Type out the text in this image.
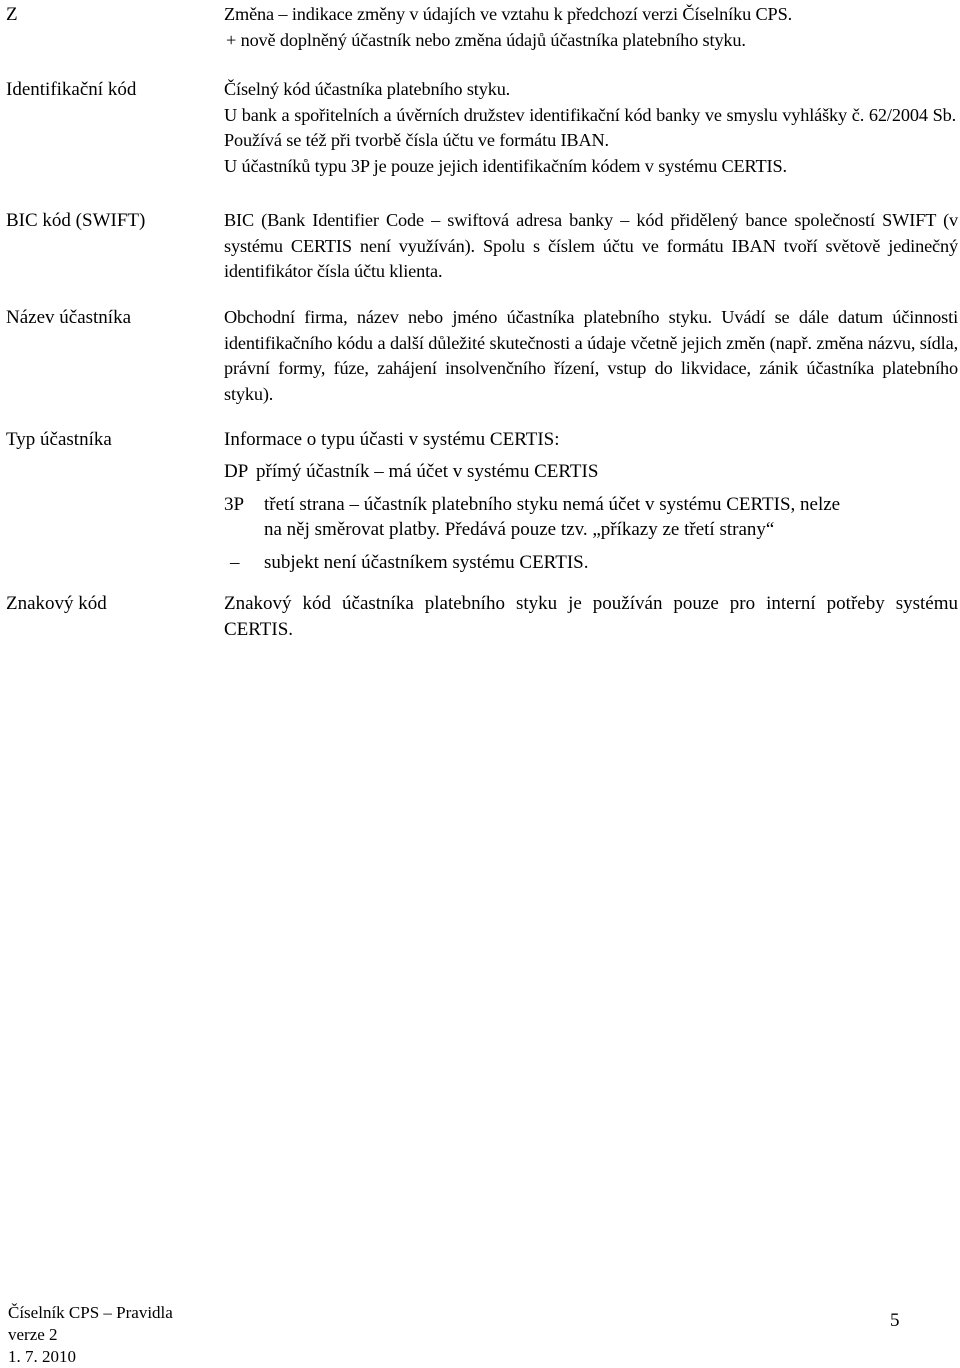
Z	Změna – indikace změny v údajích ve vztahu k předchozí verzi Číselníku CPS.
+ nově doplněný účastník nebo změna údajů účastníka platebního styku.
Identifikační kód	Číselný kód účastníka platebního styku.
U bank a spořitelních a úvěrních družstev identifikační kód banky ve smyslu vyhlášky č. 62/2004 Sb. Používá se též při tvorbě čísla účtu ve formátu IBAN.
U účastníků typu 3P je pouze jejich identifikačním kódem v systému CERTIS.
BIC kód (SWIFT)	BIC (Bank Identifier Code – swiftová adresa banky – kód přidělený bance společností SWIFT (v systému CERTIS není využíván). Spolu s číslem účtu ve formátu IBAN tvoří světově jedinečný identifikátor čísla účtu klienta.
Název účastníka	Obchodní firma, název nebo jméno účastníka platebního styku. Uvádí se dále datum účinnosti identifikačního kódu a další důležité skutečnosti a údaje včetně jejich změn (např. změna názvu, sídla, právní formy, fúze, zahájení insolvenčního řízení, vstup do likvidace, zánik účastníka platebního styku).
Typ účastníka	Informace o typu účasti v systému CERTIS:
DP přímý účastník – má účet v systému CERTIS
3P třetí strana – účastník platebního styku nemá účet v systému CERTIS, nelze
na něj směrovat platby. Předává pouze tzv. „příkazy ze třetí strany“
– subjekt není účastníkem systému CERTIS.
Znakový kód	Znakový kód účastníka platebního styku je používán pouze pro interní potřeby systému CERTIS.
Číselník CPS – Pravidla
verze 2
1. 7. 2010
5
